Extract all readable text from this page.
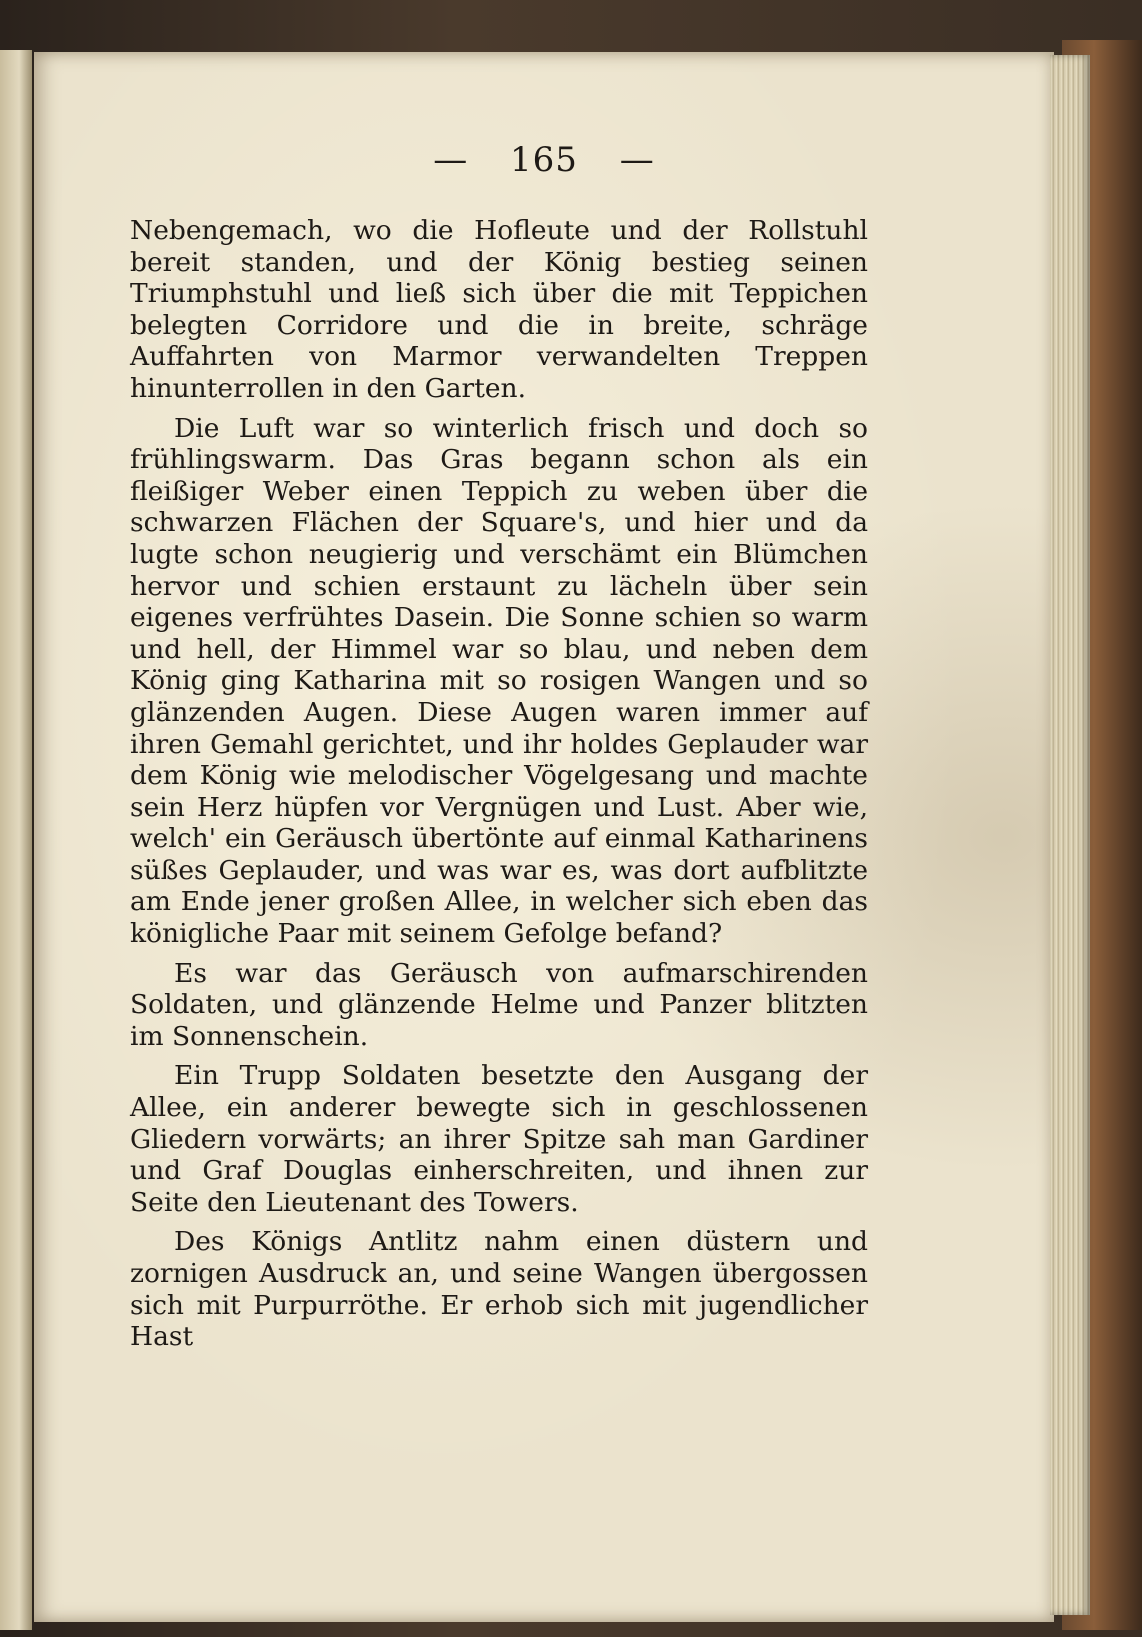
— 165 —

Nebengemach, wo die Hofleute und der Rollstuhl bereit standen, und der König bestieg seinen Triumphstuhl und ließ sich über die mit Teppichen belegten Corridore und die in breite, schräge Auffahrten von Marmor verwandelten Treppen hinunterrollen in den Garten.

Die Luft war so winterlich frisch und doch so frühlingswarm. Das Gras begann schon als ein fleißiger Weber einen Teppich zu weben über die schwarzen Flächen der Square's, und hier und da lugte schon neugierig und verschämt ein Blümchen hervor und schien erstaunt zu lächeln über sein eigenes verfrühtes Dasein. Die Sonne schien so warm und hell, der Himmel war so blau, und neben dem König ging Katharina mit so rosigen Wangen und so glänzenden Augen. Diese Augen waren immer auf ihren Gemahl gerichtet, und ihr holdes Geplauder war dem König wie melodischer Vögelgesang und machte sein Herz hüpfen vor Vergnügen und Lust. Aber wie, welch' ein Geräusch übertönte auf einmal Katharinens süßes Geplauder, und was war es, was dort aufblitzte am Ende jener großen Allee, in welcher sich eben das königliche Paar mit seinem Gefolge befand?

Es war das Geräusch von aufmarschirenden Soldaten, und glänzende Helme und Panzer blitzten im Sonnenschein.

Ein Trupp Soldaten besetzte den Ausgang der Allee, ein anderer bewegte sich in geschlossenen Gliedern vorwärts; an ihrer Spitze sah man Gardiner und Graf Douglas einherschreiten, und ihnen zur Seite den Lieutenant des Towers.

Des Königs Antlitz nahm einen düstern und zornigen Ausdruck an, und seine Wangen übergossen sich mit Purpurröthe. Er erhob sich mit jugendlicher Hast
